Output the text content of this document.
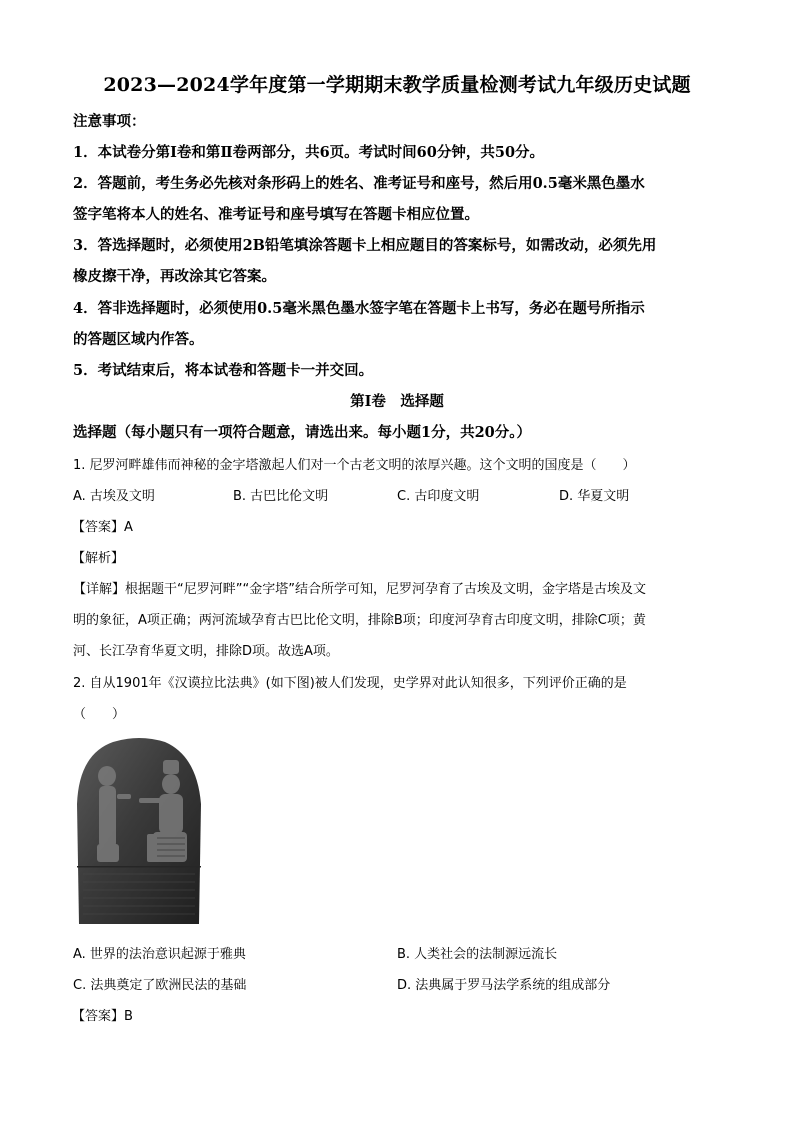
2023—2024学年度第一学期期末教学质量检测考试九年级历史试题
注意事项：
1．本试卷分第Ⅰ卷和第Ⅱ卷两部分，共6页。考试时间60分钟，共50分。
2．答题前，考生务必先核对条形码上的姓名、准考证号和座号，然后用0.5毫米黑色墨水
签字笔将本人的姓名、准考证号和座号填写在答题卡相应位置。
3．答选择题时，必须使用2B铅笔填涂答题卡上相应题目的答案标号，如需改动，必须先用
橡皮擦干净，再改涂其它答案。
4．答非选择题时，必须使用0.5毫米黑色墨水签字笔在答题卡上书写，务必在题号所指示
的答题区域内作答。
5．考试结束后，将本试卷和答题卡一并交回。
第Ⅰ卷　选择题
选择题（每小题只有一项符合题意，请选出来。每小题1分，共20分。）
1. 尼罗河畔雄伟而神秘的金字塔激起人们对一个古老文明的浓厚兴趣。这个文明的国度是（　　）
A. 古埃及文明	B. 古巴比伦文明	C. 古印度文明	D. 华夏文明
【答案】A
【解析】
【详解】根据题干“尼罗河畔”“金字塔”结合所学可知，尼罗河孕育了古埃及文明，金字塔是古埃及文
明的象征，A项正确；两河流域孕育古巴比伦文明，排除B项；印度河孕育古印度文明，排除C项；黄
河、长江孕育华夏文明，排除D项。故选A项。
2. 自从1901年《汉谟拉比法典》(如下图)被人们发现，史学界对此认知很多，下列评价正确的是
（　　）
A. 世界的法治意识起源于雅典	B. 人类社会的法制源远流长
C. 法典奠定了欧洲民法的基础	D. 法典属于罗马法学系统的组成部分
【答案】B
